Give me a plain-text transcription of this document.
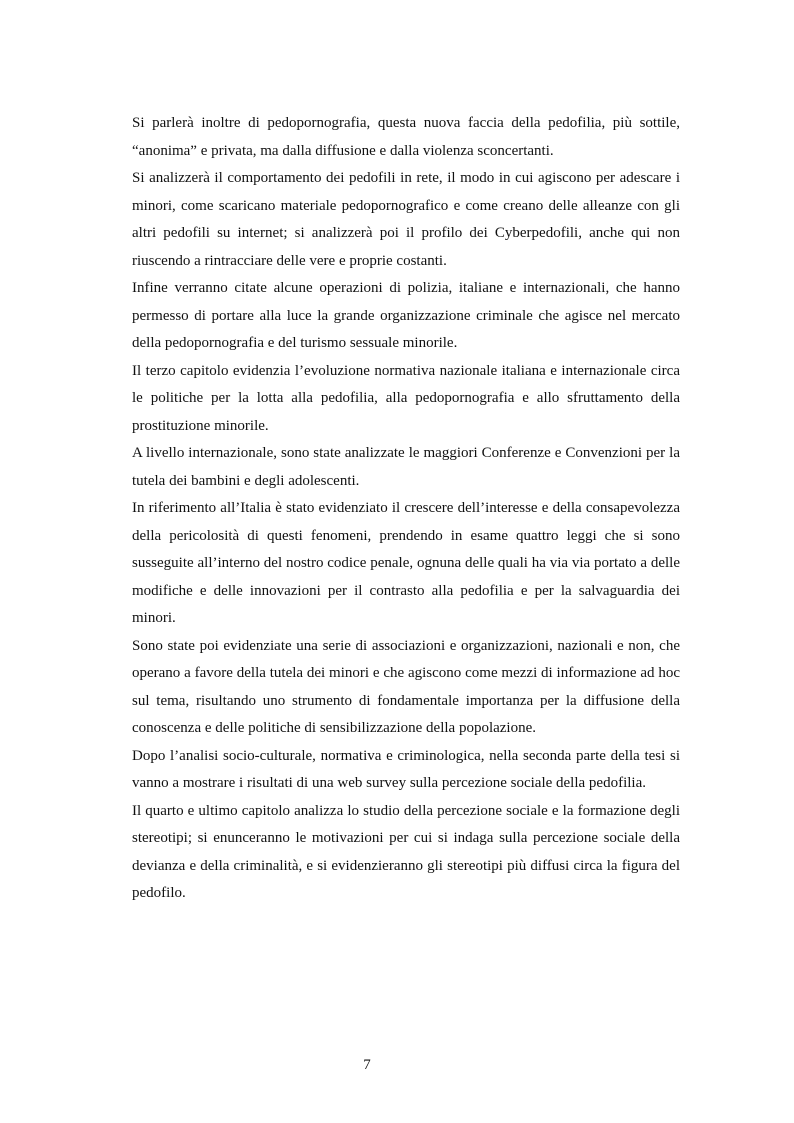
Si parlerà inoltre di pedopornografia, questa nuova faccia della pedofilia, più sottile, “anonima” e privata, ma dalla diffusione e dalla violenza sconcertanti.

Si analizzerà il comportamento dei pedofili in rete, il modo in cui agiscono per adescare i minori, come scaricano materiale pedopornografico e come creano delle alleanze con gli altri pedofili su internet; si analizzerà poi il profilo dei Cyberpedofili, anche qui non riuscendo a rintracciare delle vere e proprie costanti.

Infine verranno citate alcune operazioni di polizia, italiane e internazionali, che hanno permesso di portare alla luce la grande organizzazione criminale che agisce nel mercato della pedopornografia e del turismo sessuale minorile.

Il terzo capitolo evidenzia l’evoluzione normativa nazionale italiana e internazionale circa le politiche per la lotta alla pedofilia, alla pedopornografia e allo sfruttamento della prostituzione minorile.

A livello internazionale, sono state analizzate le maggiori Conferenze e Convenzioni per la tutela dei bambini e degli adolescenti.

In riferimento all’Italia è stato evidenziato il crescere dell’interesse e della consapevolezza della pericolosità di questi fenomeni, prendendo in esame quattro leggi che si sono susseguite all’interno del nostro codice penale, ognuna delle quali ha via via portato a delle modifiche e delle innovazioni per il contrasto alla pedofilia e per la salvaguardia dei minori.

Sono state poi evidenziate una serie di associazioni e organizzazioni, nazionali e non, che operano a favore della tutela dei minori e che agiscono come mezzi di informazione ad hoc sul tema, risultando uno strumento di fondamentale importanza per la diffusione della conoscenza e delle politiche di sensibilizzazione della popolazione.

Dopo l’analisi socio-culturale, normativa e criminologica, nella seconda parte della tesi si vanno a mostrare i risultati di una web survey sulla percezione sociale della pedofilia.

Il quarto e ultimo capitolo analizza lo studio della percezione sociale e la formazione degli stereotipi; si enunceranno le motivazioni per cui si indaga sulla percezione sociale della devianza e della criminalità, e si evidenzieranno gli stereotipi più diffusi circa la figura del pedofilo.

7
